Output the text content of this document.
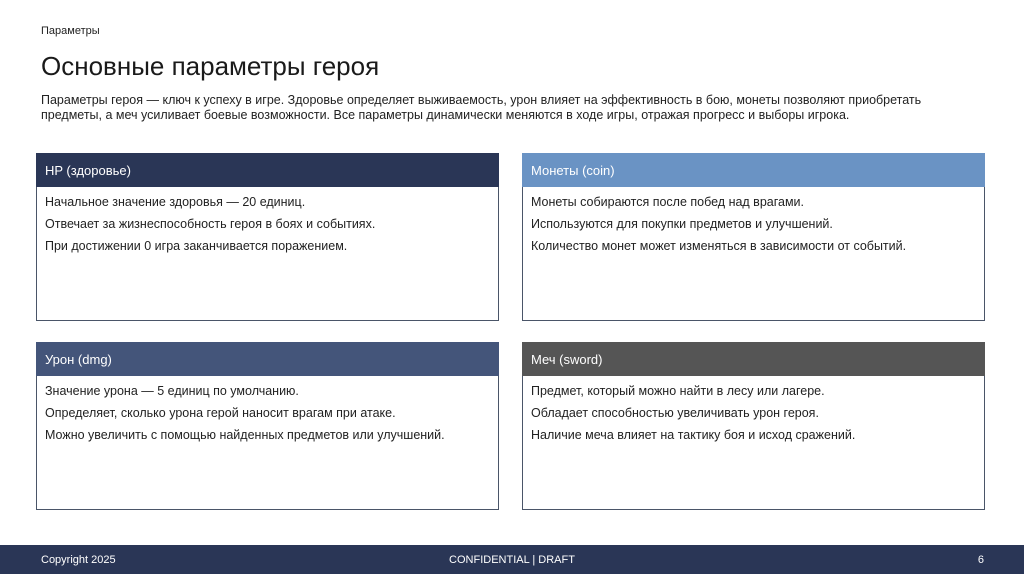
Параметры
Основные параметры героя
Параметры героя — ключ к успеху в игре. Здоровье определяет выживаемость, урон влияет на эффективность в бою, монеты позволяют приобретать
предметы, а меч усиливает боевые возможности. Все параметры динамически меняются в ходе игры, отражая прогресс и выборы игрока.
HP (здоровье)

Начальное значение здоровья — 20 единиц.

Отвечает за жизнеспособность героя в боях и событиях.

При достижении 0 игра заканчивается поражением.

Монеты (coin)

Монеты собираются после побед над врагами.

Используются для покупки предметов и улучшений.

Количество монет может изменяться в зависимости от событий.

Урон (dmg)

Значение урона — 5 единиц по умолчанию.

Определяет, сколько урона герой наносит врагам при атаке.

Можно увеличить с помощью найденных предметов или улучшений.

Меч (sword)

Предмет, который можно найти в лесу или лагере.

Обладает способностью увеличивать урон героя.

Наличие меча влияет на тактику боя и исход сражений.

Copyright 2025	CONFIDENTIAL | DRAFT	6
